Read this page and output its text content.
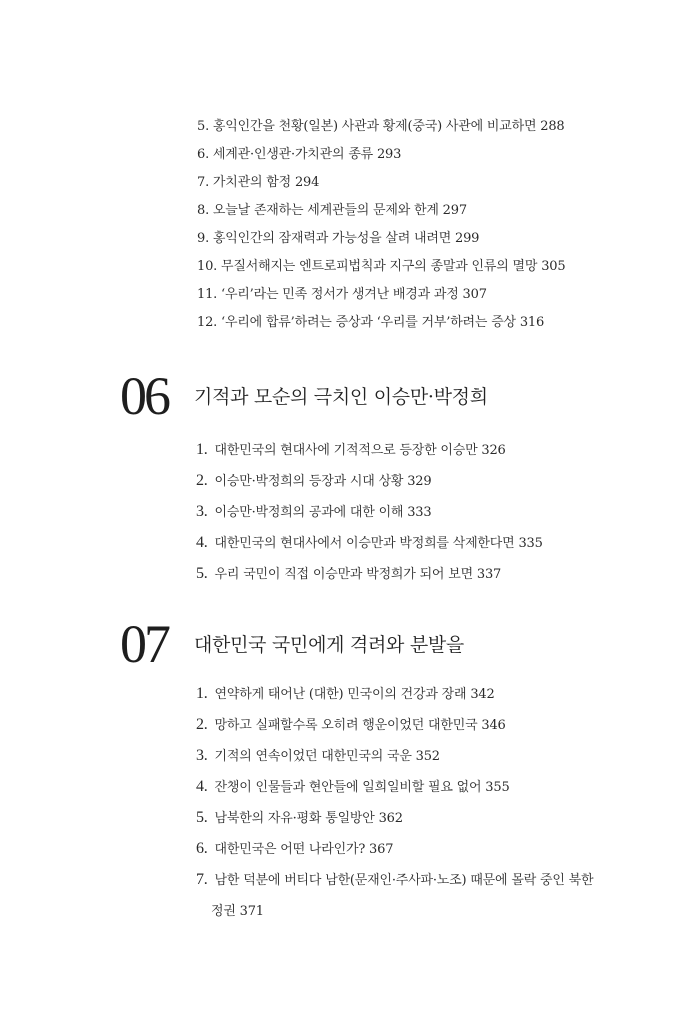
5. 홍익인간을 천황(일본) 사관과 황제(중국) 사관에 비교하면 288
6. 세계관·인생관·가치관의 종류 293
7. 가치관의 함정 294
8. 오늘날 존재하는 세계관들의 문제와 한계 297
9. 홍익인간의 잠재력과 가능성을 살려 내려면 299
10. 무질서해지는 엔트로피법칙과 지구의 종말과 인류의 멸망 305
11. ‘우리’라는 민족 정서가 생겨난 배경과 과정 307
12. ‘우리에 합류’하려는 증상과 ‘우리를 거부’하려는 증상 316
06 기적과 모순의 극치인 이승만·박정희
1. 대한민국의 현대사에 기적적으로 등장한 이승만 326
2. 이승만·박정희의 등장과 시대 상황 329
3. 이승만·박정희의 공과에 대한 이해 333
4. 대한민국의 현대사에서 이승만과 박정희를 삭제한다면 335
5. 우리 국민이 직접 이승만과 박정희가 되어 보면 337
07 대한민국 국민에게 격려와 분발을
1. 연약하게 태어난 (대한) 민국이의 건강과 장래 342
2. 망하고 실패할수록 오히려 행운이었던 대한민국 346
3. 기적의 연속이었던 대한민국의 국운 352
4. 잔챙이 인물들과 현안들에 일희일비할 필요 없어 355
5. 남북한의 자유·평화 통일방안 362
6. 대한민국은 어떤 나라인가? 367
7. 남한 덕분에 버티다 남한(문재인·주사파·노조) 때문에 몰락 중인 북한
정권 371
